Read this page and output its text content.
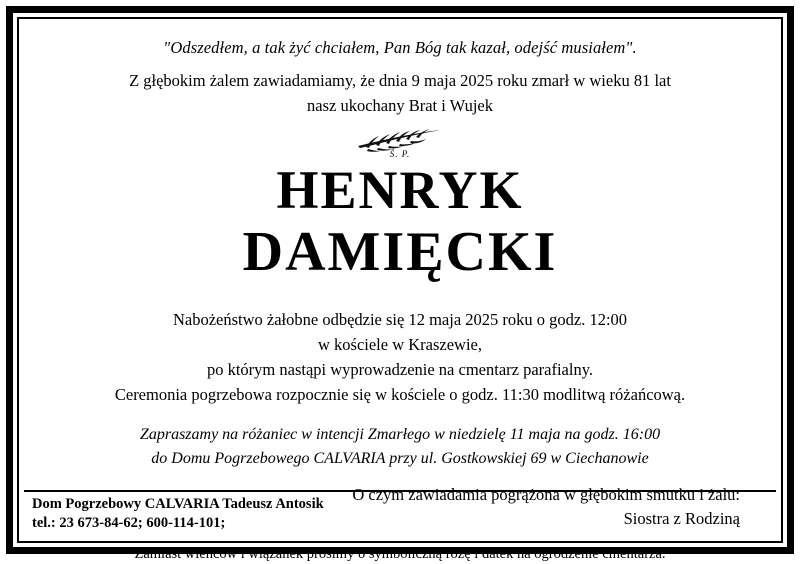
"Odszedłem, a tak żyć chciałem, Pan Bóg tak kazał, odejść musiałem".
Z głębokim żalem zawiadamiamy, że dnia 9 maja 2025 roku zmarł w wieku 81 lat
nasz ukochany Brat i Wujek
Ś. P.
HENRYK
DAMIĘCKI
Nabożeństwo żałobne odbędzie się 12 maja 2025 roku o godz. 12:00
w kościele w Kraszewie,
po którym nastąpi wyprowadzenie na cmentarz parafialny.
Ceremonia pogrzebowa rozpocznie się w kościele o godz. 11:30 modlitwą różańcową.
Zapraszamy na różaniec w intencji Zmarłego w niedzielę 11 maja na godz. 16:00
do Domu Pogrzebowego CALVARIA przy ul. Gostkowskiej 69 w Ciechanowie
O czym zawiadamia pogrążona w głębokim smutku i żalu:
Siostra z Rodziną
Zamiast wieńców i wiązanek prosimy o symboliczną różę i datek na ogrodzenie cmentarza.
Dom Pogrzebowy CALVARIA Tadeusz Antosik
tel.: 23 673-84-62; 600-114-101;
